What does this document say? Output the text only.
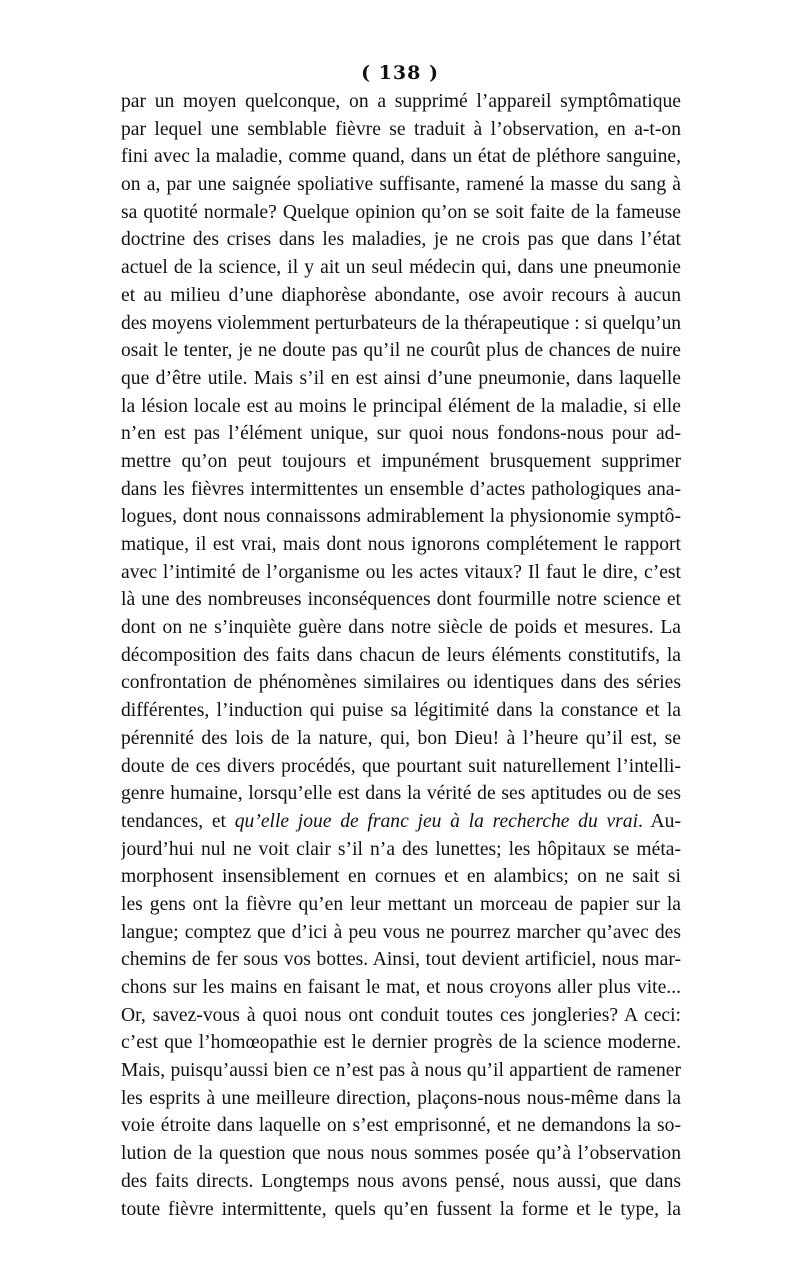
( 138 )
par un moyen quelconque, on a supprimé l’appareil symptômatique
par lequel une semblable fièvre se traduit à l’observation, en a-t-on
fini avec la maladie, comme quand, dans un état de pléthore sanguine,
on a, par une saignée spoliative suffisante, ramené la masse du sang à
sa quotité normale? Quelque opinion qu’on se soit faite de la fameuse
doctrine des crises dans les maladies, je ne crois pas que dans l’état
actuel de la science, il y ait un seul médecin qui, dans une pneumonie
et au milieu d’une diaphorèse abondante, ose avoir recours à aucun
des moyens violemment perturbateurs de la thérapeutique : si quelqu’un
osait le tenter, je ne doute pas qu’il ne courût plus de chances de nuire
que d’être utile. Mais s’il en est ainsi d’une pneumonie, dans laquelle
la lésion locale est au moins le principal élément de la maladie, si elle
n’en est pas l’élément unique, sur quoi nous fondons-nous pour ad-
mettre qu’on peut toujours et impunément brusquement supprimer
dans les fièvres intermittentes un ensemble d’actes pathologiques ana-
logues, dont nous connaissons admirablement la physionomie symptô-
matique, il est vrai, mais dont nous ignorons complétement le rapport
avec l’intimité de l’organisme ou les actes vitaux? Il faut le dire, c’est
là une des nombreuses inconséquences dont fourmille notre science et
dont on ne s’inquiète guère dans notre siècle de poids et mesures. La
décomposition des faits dans chacun de leurs éléments constitutifs, la
confrontation de phénomènes similaires ou identiques dans des séries
différentes, l’induction qui puise sa légitimité dans la constance et la
pérennité des lois de la nature, qui, bon Dieu! à l’heure qu’il est, se
doute de ces divers procédés, que pourtant suit naturellement l’intelli-
genre humaine, lorsqu’elle est dans la vérité de ses aptitudes ou de ses
tendances, et qu’elle joue de franc jeu à la recherche du vrai. Au-
jourd’hui nul ne voit clair s’il n’a des lunettes; les hôpitaux se méta-
morphosent insensiblement en cornues et en alambics; on ne sait si
les gens ont la fièvre qu’en leur mettant un morceau de papier sur la
langue; comptez que d’ici à peu vous ne pourrez marcher qu’avec des
chemins de fer sous vos bottes. Ainsi, tout devient artificiel, nous mar-
chons sur les mains en faisant le mat, et nous croyons aller plus vite...
Or, savez-vous à quoi nous ont conduit toutes ces jongleries? A ceci:
c’est que l’homœopathie est le dernier progrès de la science moderne.
Mais, puisqu’aussi bien ce n’est pas à nous qu’il appartient de ramener
les esprits à une meilleure direction, plaçons-nous nous-même dans la
voie étroite dans laquelle on s’est emprisonné, et ne demandons la so-
lution de la question que nous nous sommes posée qu’à l’observation
des faits directs. Longtemps nous avons pensé, nous aussi, que dans
toute fièvre intermittente, quels qu’en fussent la forme et le type, la
